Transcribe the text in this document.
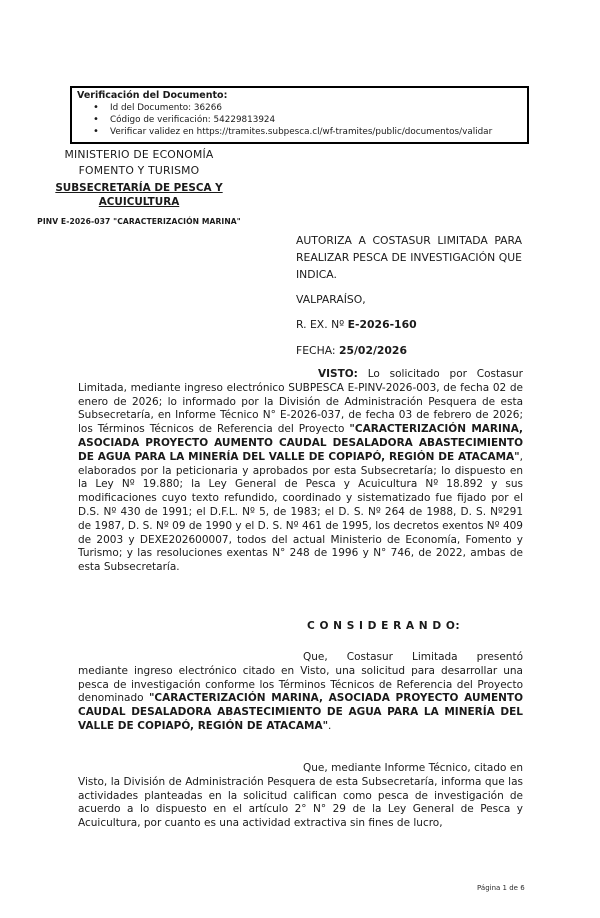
Verificación del Documento:
• Id del Documento: 36266
• Código de verificación: 54229813924
• Verificar validez en https://tramites.subpesca.cl/wf-tramites/public/documentos/validar
MINISTERIO DE ECONOMÍA
FOMENTO Y TURISMO
SUBSECRETARÍA DE PESCA Y ACUICULTURA
PINV E-2026-037 "CARACTERIZACIÓN MARINA"

AUTORIZA A COSTASUR LIMITADA PARA REALIZAR PESCA DE INVESTIGACIÓN QUE INDICA.

VALPARAÍSO,

R. EX. Nº E-2026-160

FECHA: 25/02/2026

VISTO: Lo solicitado por Costasur Limitada, mediante ingreso electrónico SUBPESCA E-PINV-2026-003, de fecha 02 de enero de 2026; lo informado por la División de Administración Pesquera de esta Subsecretaría, en Informe Técnico N° E-2026-037, de fecha 03 de febrero de 2026; los Términos Técnicos de Referencia del Proyecto "CARACTERIZACIÓN MARINA, ASOCIADA PROYECTO AUMENTO CAUDAL DESALADORA ABASTECIMIENTO DE AGUA PARA LA MINERÍA DEL VALLE DE COPIAPÓ, REGIÓN DE ATACAMA", elaborados por la peticionaria y aprobados por esta Subsecretaría; lo dispuesto en la Ley Nº 19.880; la Ley General de Pesca y Acuicultura Nº 18.892 y sus modificaciones cuyo texto refundido, coordinado y sistematizado fue fijado por el D.S. Nº 430 de 1991; el D.F.L. Nº 5, de 1983; el D. S. Nº 264 de 1988, D. S. Nº291 de 1987, D. S. Nº 09 de 1990 y el D. S. Nº 461 de 1995, los decretos exentos Nº 409 de 2003 y DEXE202600007, todos del actual Ministerio de Economía, Fomento y Turismo; y las resoluciones exentas N° 248 de 1996 y N° 746, de 2022, ambas de esta Subsecretaría.

C O N S I D E R A N D O:

Que, Costasur Limitada presentó mediante ingreso electrónico citado en Visto, una solicitud para desarrollar una pesca de investigación conforme los Términos Técnicos de Referencia del Proyecto denominado "CARACTERIZACIÓN MARINA, ASOCIADA PROYECTO AUMENTO CAUDAL DESALADORA ABASTECIMIENTO DE AGUA PARA LA MINERÍA DEL VALLE DE COPIAPÓ, REGIÓN DE ATACAMA".

Que, mediante Informe Técnico, citado en Visto, la División de Administración Pesquera de esta Subsecretaría, informa que las actividades planteadas en la solicitud califican como pesca de investigación de acuerdo a lo dispuesto en el artículo 2° N° 29 de la Ley General de Pesca y Acuicultura, por cuanto es una actividad extractiva sin fines de lucro,

Página 1 de 6
